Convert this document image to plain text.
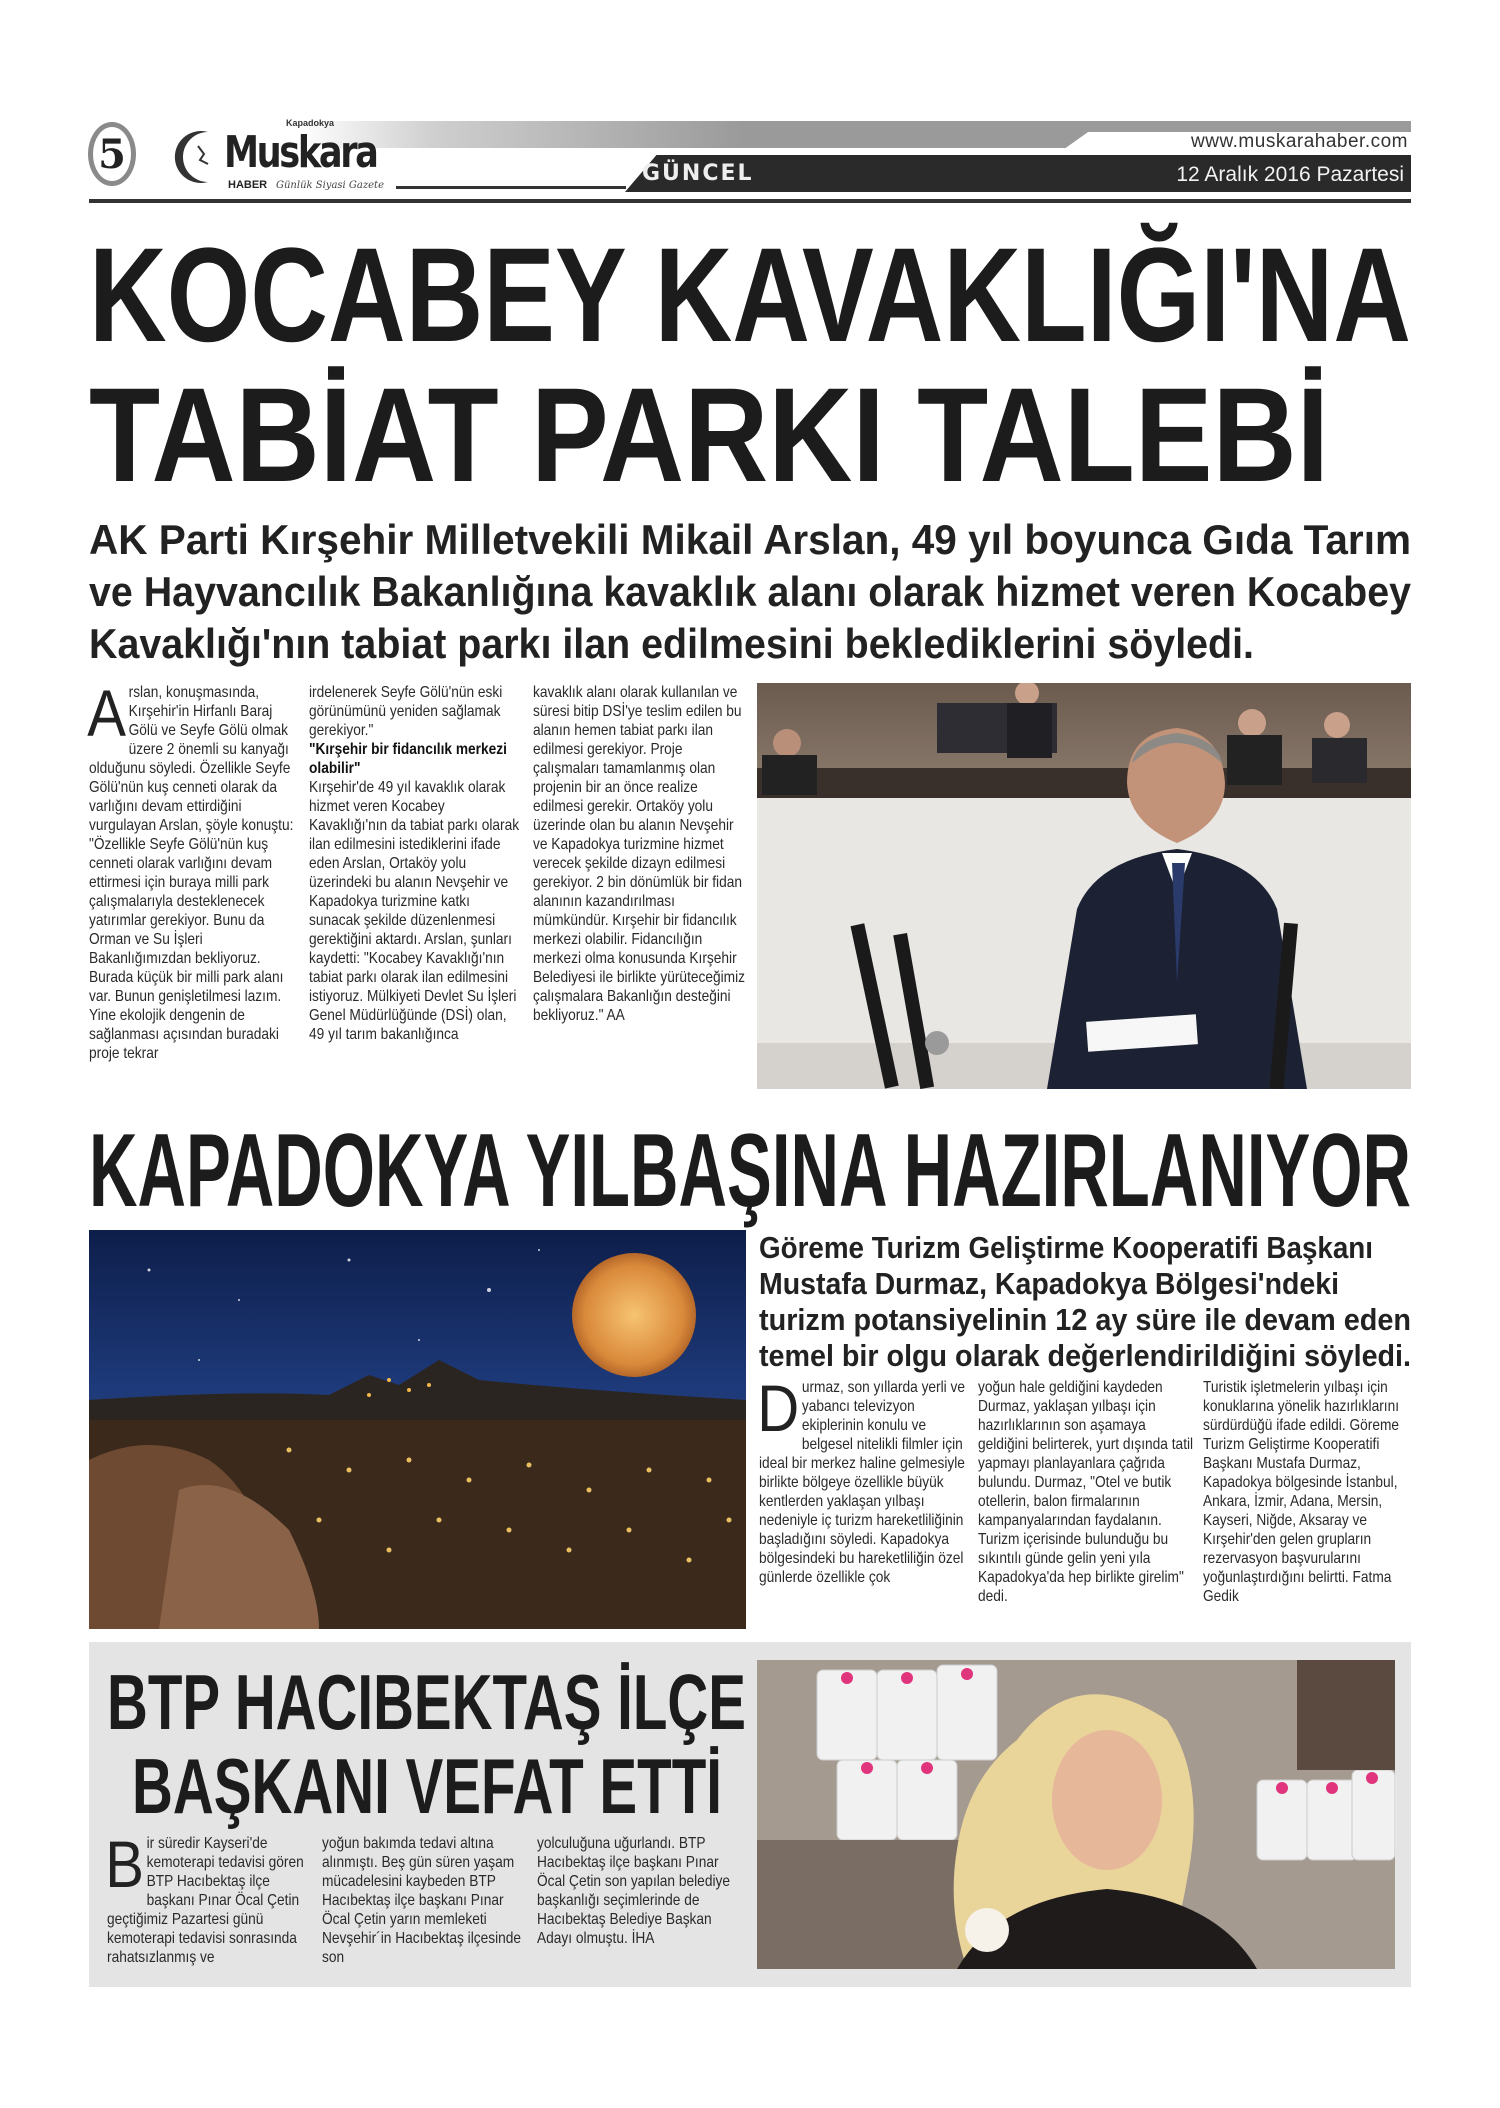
www.muskarahaber.com
GÜNCEL	12 Aralık 2016 Pazartesi
5
Kapadokya
Muskara
HABER Günlük Siyasi Gazete
KOCABEY KAVAKLIĞI'NA
TABİAT PARKI TALEBİ
AK Parti Kırşehir Milletvekili Mikail Arslan, 49 yıl boyunca Gıda Tarım
ve Hayvancılık Bakanlığına kavaklık alanı olarak hizmet veren Kocabey
Kavaklığı'nın tabiat parkı ilan edilmesini beklediklerini söyledi.
Arslan, konuşmasında, Kırşehir'in Hirfanlı Baraj Gölü ve Seyfe Gölü olmak üzere 2 önemli su kanyağı olduğunu söyledi. Özellikle Seyfe Gölü'nün kuş cenneti olarak da varlığını devam ettirdiğini vurgulayan Arslan, şöyle konuştu: "Özellikle Seyfe Gölü'nün kuş cenneti olarak varlığını devam ettirmesi için buraya milli park çalışmalarıyla desteklenecek yatırımlar gerekiyor. Bunu da Orman ve Su İşleri Bakanlığımızdan bekliyoruz. Burada küçük bir milli park alanı var. Bunun genişletilmesi lazım. Yine ekolojik dengenin de sağlanması açısından buradaki proje tekrar
irdelenerek Seyfe Gölü'nün eski görünümünü yeniden sağlamak gerekiyor."
"Kırşehir bir fidancılık merkezi olabilir"
Kırşehir'de 49 yıl kavaklık olarak hizmet veren Kocabey Kavaklığı'nın da tabiat parkı olarak ilan edilmesini istediklerini ifade eden Arslan, Ortaköy yolu üzerindeki bu alanın Nevşehir ve Kapadokya turizmine katkı sunacak şekilde düzenlenmesi gerektiğini aktardı. Arslan, şunları kaydetti: "Kocabey Kavaklığı'nın tabiat parkı olarak ilan edilmesini istiyoruz. Mülkiyeti Devlet Su İşleri Genel Müdürlüğünde (DSİ) olan, 49 yıl tarım bakanlığınca
kavaklık alanı olarak kullanılan ve süresi bitip DSİ'ye teslim edilen bu alanın hemen tabiat parkı ilan edilmesi gerekiyor. Proje çalışmaları tamamlanmış olan projenin bir an önce realize edilmesi gerekir. Ortaköy yolu üzerinde olan bu alanın Nevşehir ve Kapadokya turizmine hizmet verecek şekilde dizayn edilmesi gerekiyor. 2 bin dönümlük bir fidan alanının kazandırılması mümkündür. Kırşehir bir fidancılık merkezi olabilir. Fidancılığın merkezi olma konusunda Kırşehir Belediyesi ile birlikte yürüteceğimiz çalışmalara Bakanlığın desteğini bekliyoruz." AA
KAPADOKYA YILBAŞINA HAZIRLANIYOR
Göreme Turizm Geliştirme Kooperatifi Başkanı
Mustafa Durmaz, Kapadokya Bölgesi'ndeki
turizm potansiyelinin 12 ay süre ile devam eden
temel bir olgu olarak değerlendirildiğini söyledi.
Durmaz, son yıllarda yerli ve yabancı televizyon ekiplerinin konulu ve belgesel nitelikli filmler için ideal bir merkez haline gelmesiyle birlikte bölgeye özellikle büyük kentlerden yaklaşan yılbaşı nedeniyle iç turizm hareketliliğinin başladığını söyledi. Kapadokya bölgesindeki bu hareketliliğin özel günlerde özellikle çok
yoğun hale geldiğini kaydeden Durmaz, yaklaşan yılbaşı için hazırlıklarının son aşamaya geldiğini belirterek, yurt dışında tatil yapmayı planlayanlara çağrıda bulundu. Durmaz, "Otel ve butik otellerin, balon firmalarının kampanyalarından faydalanın. Turizm içerisinde bulunduğu bu sıkıntılı günde gelin yeni yıla Kapadokya'da hep birlikte girelim" dedi.
Turistik işletmelerin yılbaşı için konuklarına yönelik hazırlıklarını sürdürdüğü ifade edildi. Göreme Turizm Geliştirme Kooperatifi Başkanı Mustafa Durmaz, Kapadokya bölgesinde İstanbul, Ankara, İzmir, Adana, Mersin, Kayseri, Niğde, Aksaray ve Kırşehir'den gelen grupların rezervasyon başvurularını yoğunlaştırdığını belirtti. Fatma Gedik
BTP HACIBEKTAŞ İLÇE
BAŞKANI VEFAT ETTİ
Bir süredir Kayseri'de kemoterapi tedavisi gören BTP Hacıbektaş ilçe başkanı Pınar Öcal Çetin geçtiğimiz Pazartesi günü kemoterapi tedavisi sonrasında rahatsızlanmış ve
yoğun bakımda tedavi altına alınmıştı. Beş gün süren yaşam mücadelesini kaybeden BTP Hacıbektaş ilçe başkanı Pınar Öcal Çetin yarın memleketi Nevşehir´in Hacıbektaş ilçesinde son
yolculuğuna uğurlandı. BTP Hacıbektaş ilçe başkanı Pınar Öcal Çetin son yapılan belediye başkanlığı seçimlerinde de Hacıbektaş Belediye Başkan Adayı olmuştu. İHA
